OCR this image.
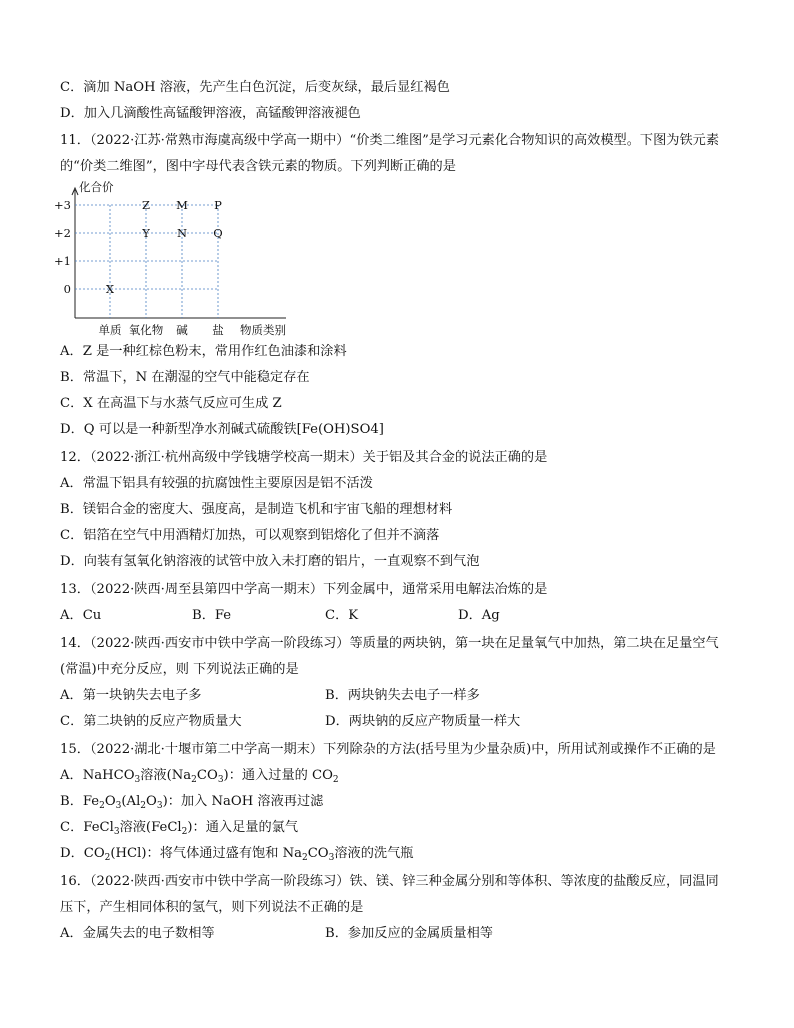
C．滴加 NaOH 溶液，先产生白色沉淀，后变灰绿，最后显红褐色
D．加入几滴酸性高锰酸钾溶液，高锰酸钾溶液褪色
11．（2022·江苏·常熟市海虞高级中学高一期中）“价类二维图”是学习元素化合物知识的高效模型。下图为铁元素
的“价类二维图”，图中字母代表含铁元素的物质。下列判断正确的是
化合价
+3
+2
+1
0
单质 氧化物 碱 盐 物质类别
X
Z
Y
M
N
P
Q
A．Z 是一种红棕色粉末，常用作红色油漆和涂料
B．常温下，N 在潮湿的空气中能稳定存在
C．X 在高温下与水蒸气反应可生成 Z
D．Q 可以是一种新型净水剂碱式硫酸铁[Fe(OH)SO4]
12．（2022·浙江·杭州高级中学钱塘学校高一期末）关于铝及其合金的说法正确的是
A．常温下铝具有较强的抗腐蚀性主要原因是铝不活泼
B．镁铝合金的密度大、强度高，是制造飞机和宇宙飞船的理想材料
C．铝箔在空气中用酒精灯加热，可以观察到铝熔化了但并不滴落
D．向装有氢氧化钠溶液的试管中放入未打磨的铝片，一直观察不到气泡
13．（2022·陕西·周至县第四中学高一期末）下列金属中，通常采用电解法冶炼的是
A．Cu	B．Fe	C．K	D．Ag
14．（2022·陕西·西安市中铁中学高一阶段练习）等质量的两块钠，第一块在足量氧气中加热，第二块在足量空气
(常温)中充分反应，则 下列说法正确的是
A．第一块钠失去电子多	B．两块钠失去电子一样多
C．第二块钠的反应产物质量大	D．两块钠的反应产物质量一样大
15．（2022·湖北·十堰市第二中学高一期末）下列除杂的方法(括号里为少量杂质)中，所用试剂或操作不正确的是
A．NaHCO$_3$溶液$(Na_2CO_3)$：通入过量的 $CO_2$
B．$Fe_2O_3(Al_2O_3)$：加入 NaOH 溶液再过滤
C．FeCl$_3$溶液(FeCl$_2$)：通入足量的氯气
D．$CO_2(HCl)$：将气体通过盛有饱和 $Na_2CO_3$溶液的洗气瓶
16．（2022·陕西·西安市中铁中学高一阶段练习）铁、镁、锌三种金属分别和等体积、等浓度的盐酸反应，同温同
压下，产生相同体积的氢气，则下列说法不正确的是
A．金属失去的电子数相等	B．参加反应的金属质量相等
